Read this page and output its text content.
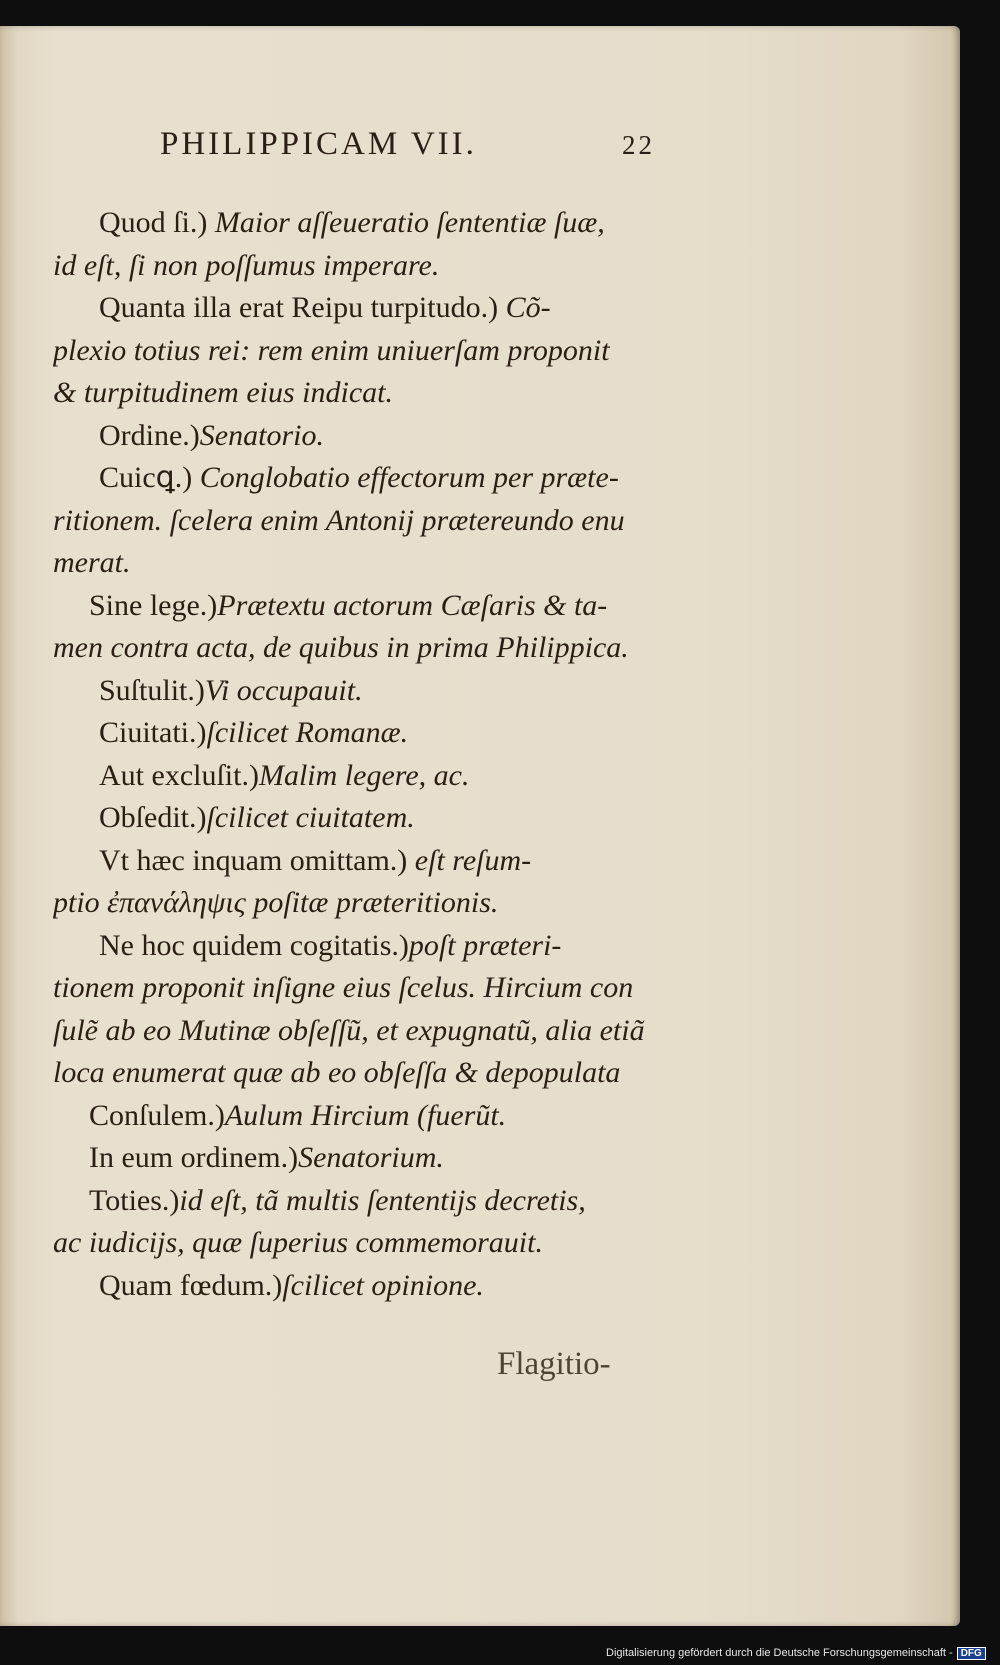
PHILIPPICAM VII.	22
Quod ſi.) Maior aſſeueratio ſententiæ ſuæ,
id eſt, ſi non poſſumus imperare.
Quanta illa erat Reipu turpitudo.) Cõ-
plexio totius rei: rem enim uniuerſam proponit
& turpitudinem eius indicat.
Ordine.)Senatorio.
Cuicꝗ.) Conglobatio effectorum per præte-
ritionem. ſcelera enim Antonij prætereundo enu
merat.
Sine lege.)Prætextu actorum Cæſaris & ta-
men contra acta, de quibus in prima Philippica.
Suſtulit.)Vi occupauit.
Ciuitati.)ſcilicet Romanæ.
Aut excluſit.)Malim legere, ac.
Obſedit.)ſcilicet ciuitatem.
Vt hæc inquam omittam.) eſt reſum-
ptio ἐπανάληψις poſitæ præteritionis.
Ne hoc quidem cogitatis.)poſt præteri-
tionem proponit inſigne eius ſcelus. Hircium con
ſulẽ ab eo Mutinæ obſeſſũ, et expugnatũ, alia etiã
loca enumerat quæ ab eo obſeſſa & depopulata
Conſulem.)Aulum Hircium (fuerũt.
In eum ordinem.)Senatorium.
Toties.)id eſt, tã multis ſententijs decretis,
ac iudicijs, quæ ſuperius commemorauit.
Quam fœdum.)ſcilicet opinione.
Flagitio-
Digitalisierung gefördert durch die Deutsche Forschungsgemeinschaft - DFG
